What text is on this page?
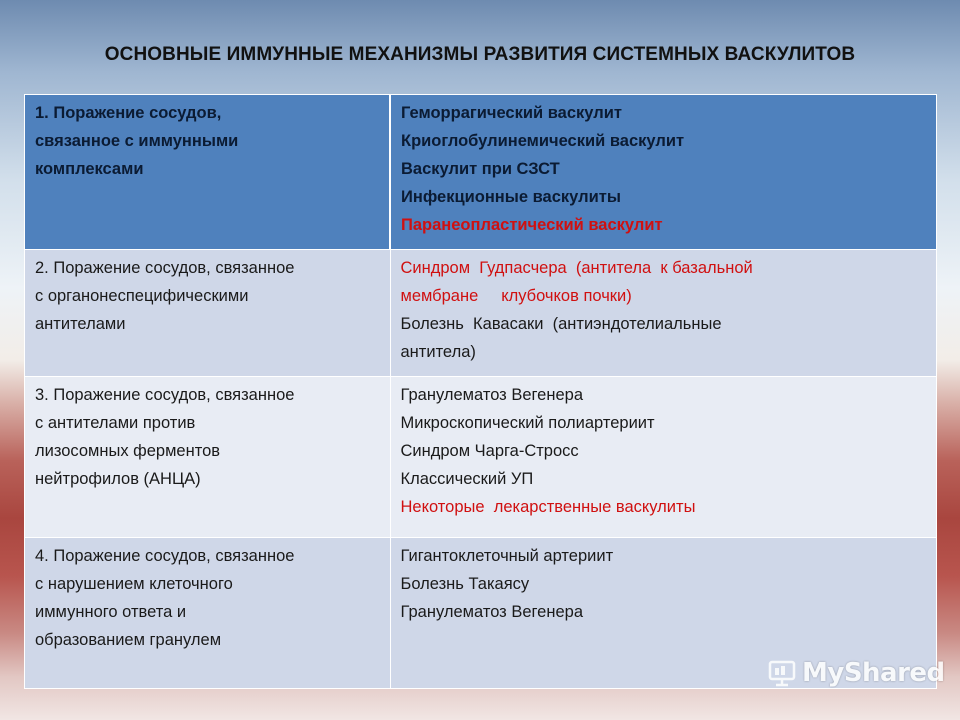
ОСНОВНЫЕ ИММУННЫЕ МЕХАНИЗМЫ РАЗВИТИЯ СИСТЕМНЫХ ВАСКУЛИТОВ
1. Поражение сосудов,
связанное с иммунными
комплексами	Геморрагический васкулит
Криоглобулинемический васкулит
Васкулит при СЗСТ
Инфекционные васкулиты
Паранеопластический васкулит

2. Поражение сосудов, связанное
с органонеспецифическими
антителами	Синдром  Гудпасчера  (антитела  к базальной
мембране     клубочков почки)
Болезнь  Кавасаки  (антиэндотелиальные
антитела)

3. Поражение сосудов, связанное
с антителами против
лизосомных ферментов
нейтрофилов (АНЦА)	Гранулематоз Вегенера
Микроскопический полиартериит
Синдром Чарга-Стросс
Классический УП
Некоторые  лекарственные васкулиты

4. Поражение сосудов, связанное
с нарушением клеточного
иммунного ответа и
образованием гранулем	Гигантоклеточный артериит
Болезнь Такаясу
Гранулематоз Вегенера
MyShared
